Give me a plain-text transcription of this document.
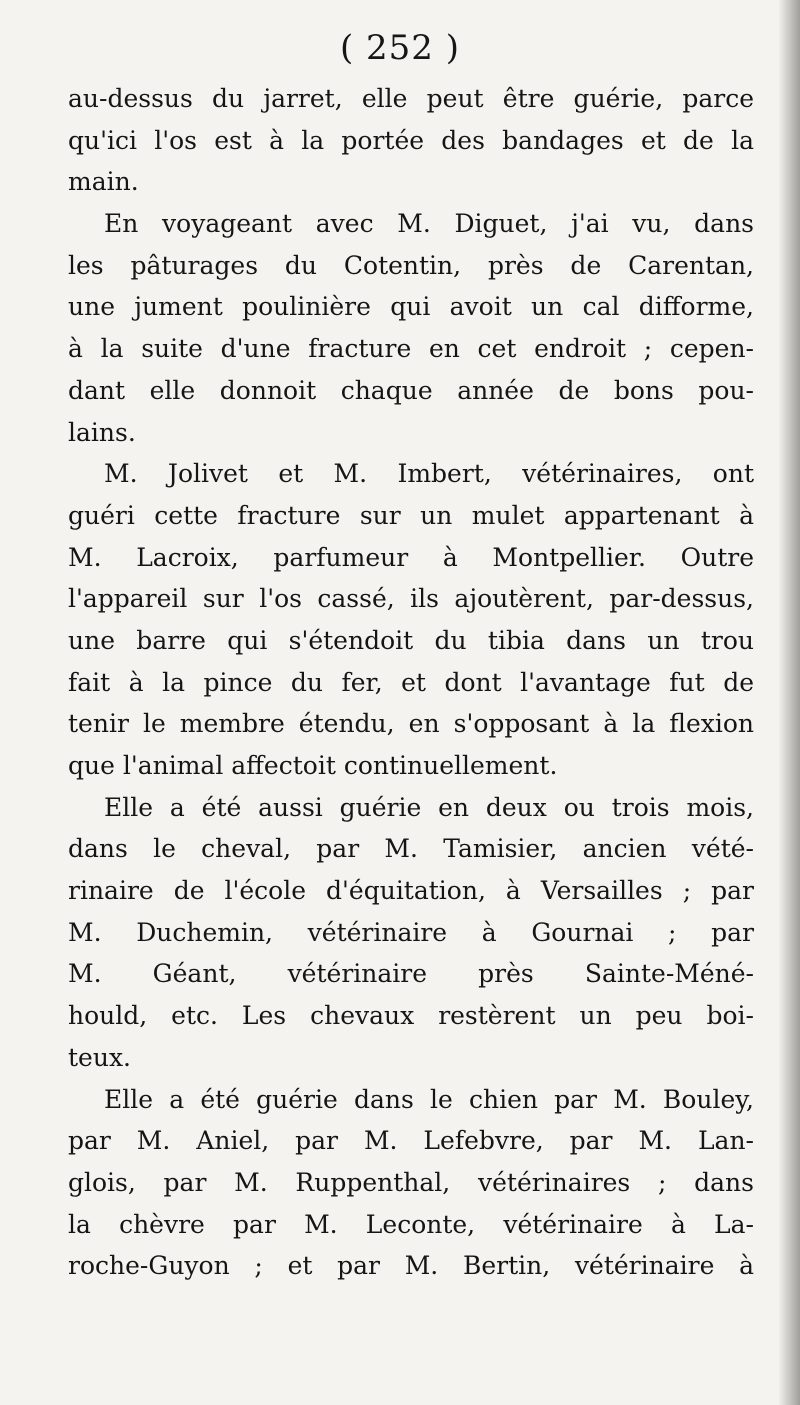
( 252 )
au-dessus du jarret, elle peut être guérie, parce
qu'ici l'os est à la portée des bandages et de la
main.
En voyageant avec M. Diguet, j'ai vu, dans
les pâturages du Cotentin, près de Carentan,
une jument poulinière qui avoit un cal difforme,
à la suite d'une fracture en cet endroit ; cepen-
dant elle donnoit chaque année de bons pou-
lains.
M. Jolivet et M. Imbert, vétérinaires, ont
guéri cette fracture sur un mulet appartenant à
M. Lacroix, parfumeur à Montpellier. Outre
l'appareil sur l'os cassé, ils ajoutèrent, par-dessus,
une barre qui s'étendoit du tibia dans un trou
fait à la pince du fer, et dont l'avantage fut de
tenir le membre étendu, en s'opposant à la flexion
que l'animal affectoit continuellement.
Elle a été aussi guérie en deux ou trois mois,
dans le cheval, par M. Tamisier, ancien vété-
rinaire de l'école d'équitation, à Versailles ; par
M. Duchemin, vétérinaire à Gournai ; par
M. Géant, vétérinaire près Sainte-Méné-
hould, etc. Les chevaux restèrent un peu boi-
teux.
Elle a été guérie dans le chien par M. Bouley,
par M. Aniel, par M. Lefebvre, par M. Lan-
glois, par M. Ruppenthal, vétérinaires ; dans
la chèvre par M. Leconte, vétérinaire à La-
roche-Guyon ; et par M. Bertin, vétérinaire à
